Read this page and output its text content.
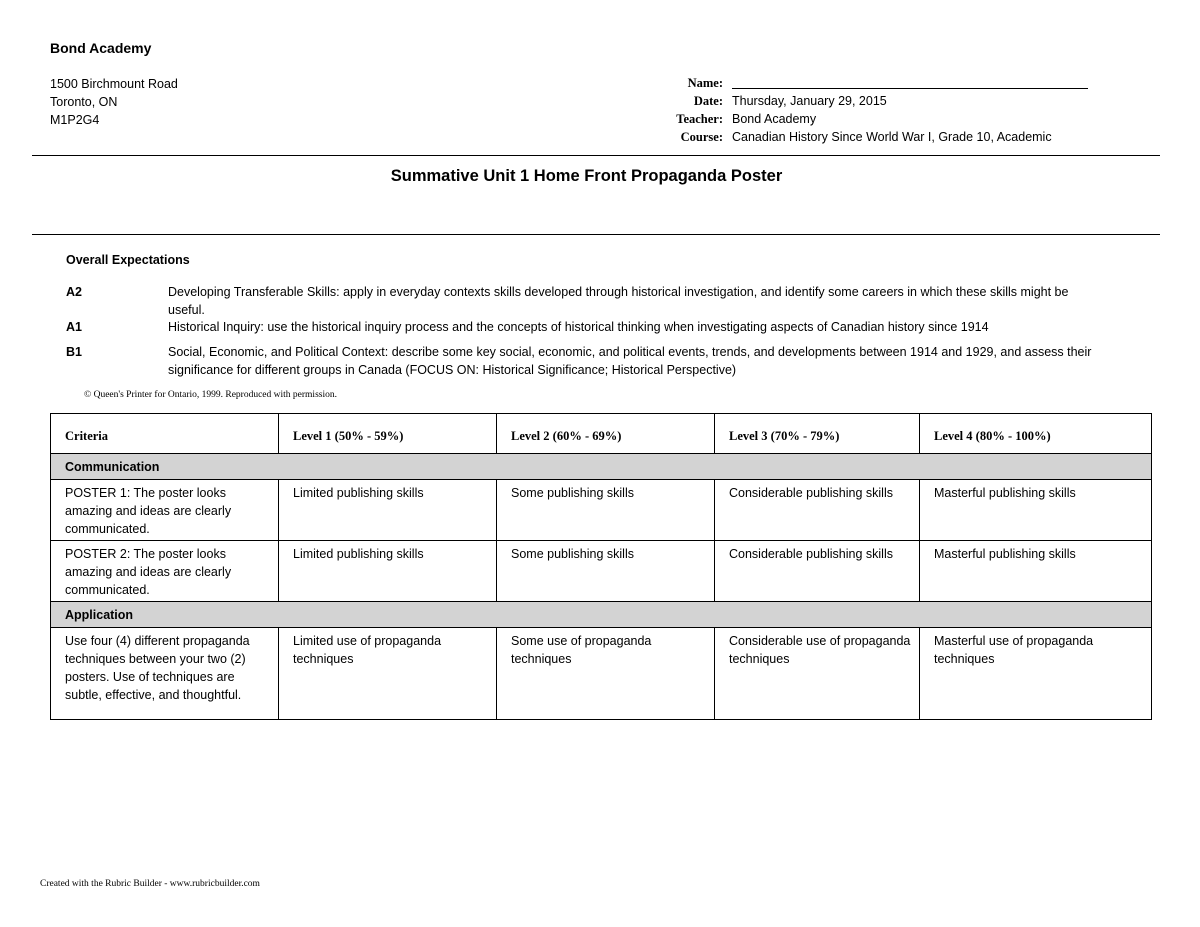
Bond Academy
1500 Birchmount Road
Toronto, ON
M1P2G4
Name:
Date: Thursday, January 29, 2015
Teacher: Bond Academy
Course: Canadian History Since World War I, Grade 10, Academic
Summative Unit 1 Home Front Propaganda Poster
Overall Expectations
A2	Developing Transferable Skills: apply in everyday contexts skills developed through historical investigation, and identify some careers in which these skills might be useful.
A1	Historical Inquiry: use the historical inquiry process and the concepts of historical thinking when investigating aspects of Canadian history since 1914
B1	Social, Economic, and Political Context: describe some key social, economic, and political events, trends, and developments between 1914 and 1929, and assess their significance for different groups in Canada (FOCUS ON: Historical Significance; Historical Perspective)
© Queen's Printer for Ontario, 1999. Reproduced with permission.
Criteria	Level 1 (50% - 59%)	Level 2 (60% - 69%)	Level 3 (70% - 79%)	Level 4 (80% - 100%)
Communication				
POSTER 1: The poster looks amazing and ideas are clearly communicated.	Limited publishing skills	Some publishing skills	Considerable publishing skills	Masterful publishing skills
POSTER 2: The poster looks amazing and ideas are clearly communicated.	Limited publishing skills	Some publishing skills	Considerable publishing skills	Masterful publishing skills
Application				
Use four (4) different propaganda techniques between your two (2) posters. Use of techniques are subtle, effective, and thoughtful.	Limited use of propaganda techniques	Some use of propaganda techniques	Considerable use of propaganda techniques	Masterful use of propaganda techniques
Created with the Rubric Builder - www.rubricbuilder.com
